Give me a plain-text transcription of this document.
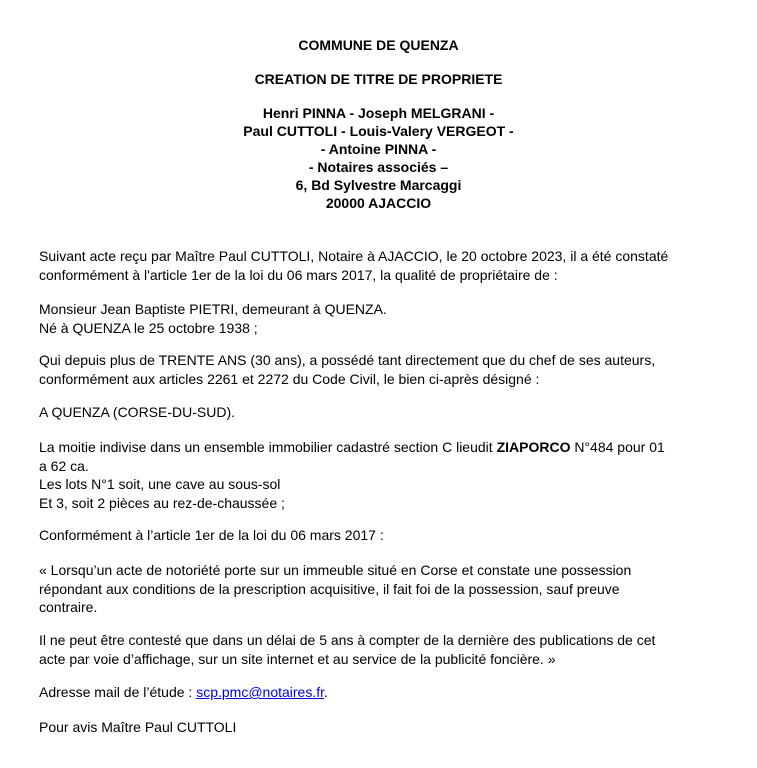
COMMUNE DE QUENZA
CREATION DE TITRE DE PROPRIETE
Henri PINNA - Joseph MELGRANI -
Paul CUTTOLI - Louis-Valery VERGEOT -
- Antoine PINNA -
- Notaires associés –
6, Bd Sylvestre Marcaggi
20000 AJACCIO
Suivant acte reçu par Maître Paul CUTTOLI, Notaire à AJACCIO, le 20 octobre 2023, il a été constaté
conformément à l'article 1er de la loi du 06 mars 2017, la qualité de propriétaire de :
Monsieur Jean Baptiste PIETRI, demeurant à QUENZA.
Né à QUENZA le 25 octobre 1938 ;
Qui depuis plus de TRENTE ANS (30 ans), a possédé tant directement que du chef de ses auteurs,
conformément aux articles 2261 et 2272 du Code Civil, le bien ci-après désigné :
A QUENZA (CORSE-DU-SUD).
La moitie indivise dans un ensemble immobilier cadastré section C lieudit ZIAPORCO N°484 pour 01
a 62 ca.
Les lots N°1 soit, une cave au sous-sol
Et 3, soit 2 pièces au rez-de-chaussée ;
Conformément à l’article 1er de la loi du 06 mars 2017 :
« Lorsqu’un acte de notoriété porte sur un immeuble situé en Corse et constate une possession
répondant aux conditions de la prescription acquisitive, il fait foi de la possession, sauf preuve
contraire.
Il ne peut être contesté que dans un délai de 5 ans à compter de la dernière des publications de cet
acte par voie d’affichage, sur un site internet et au service de la publicité foncière. »
Adresse mail de l’étude : scp.pmc@notaires.fr.
Pour avis Maître Paul CUTTOLI
